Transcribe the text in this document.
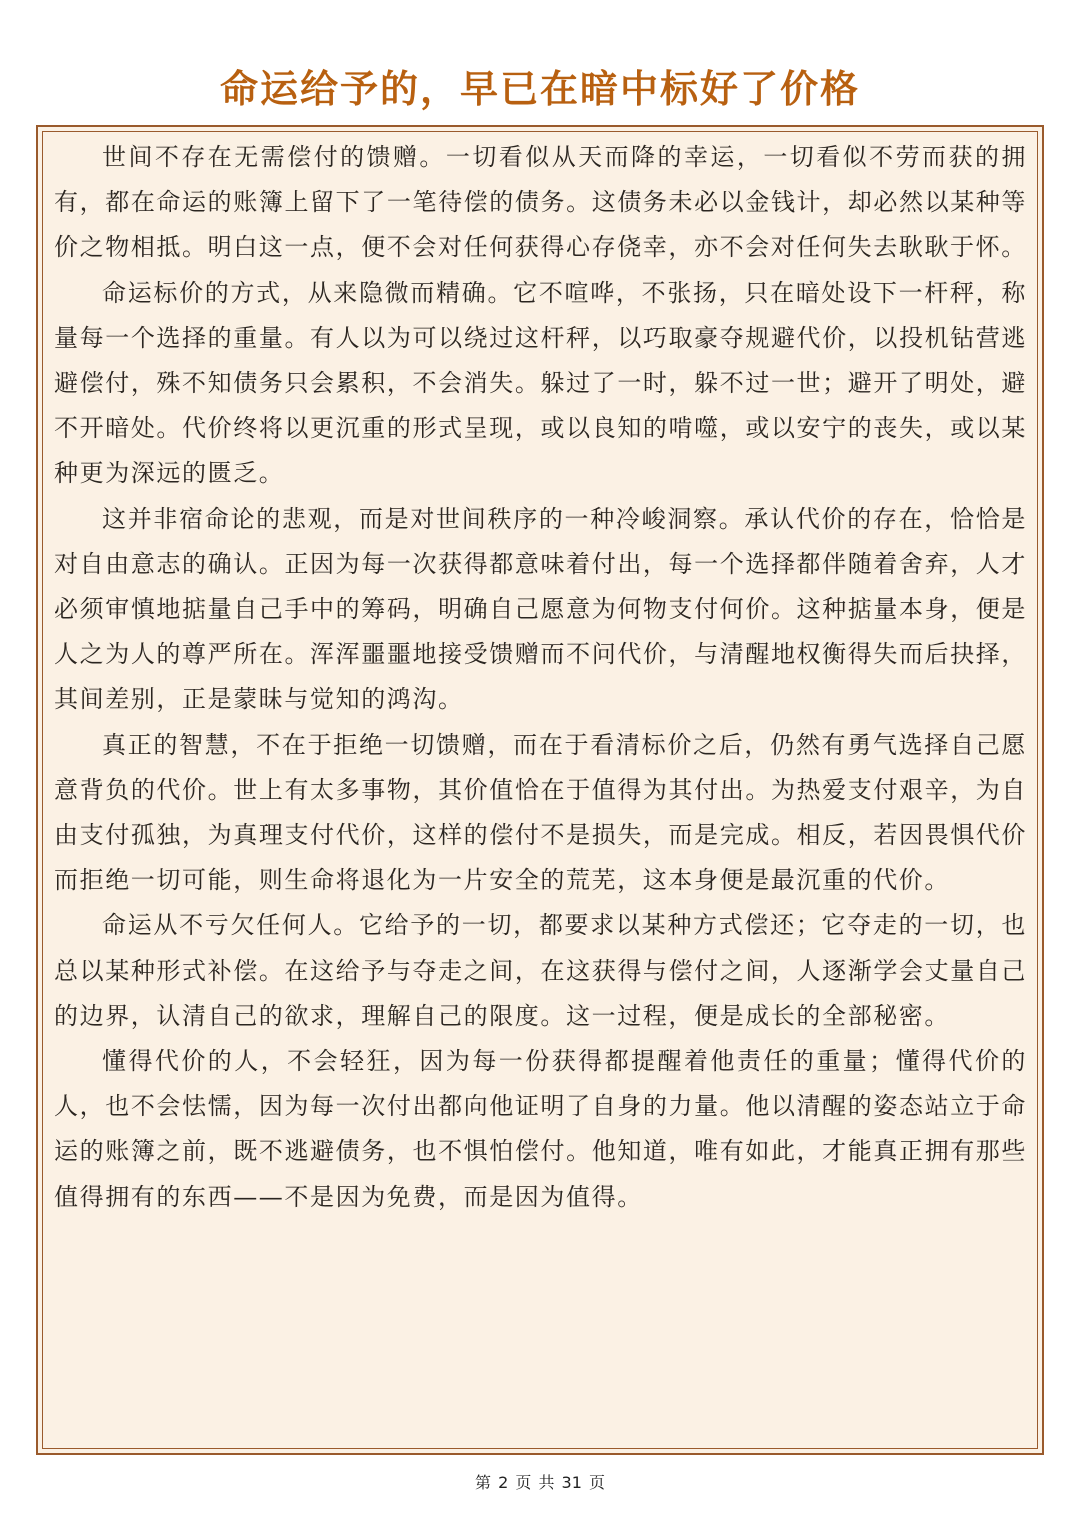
命运给予的，早已在暗中标好了价格

世间不存在无需偿付的馈赠。一切看似从天而降的幸运，一切看似不劳而获的拥有，都在命运的账簿上留下了一笔待偿的债务。这债务未必以金钱计，却必然以某种等价之物相抵。明白这一点，便不会对任何获得心存侥幸，亦不会对任何失去耿耿于怀。

命运标价的方式，从来隐微而精确。它不喧哗，不张扬，只在暗处设下一杆秤，称量每一个选择的重量。有人以为可以绕过这杆秤，以巧取豪夺规避代价，以投机钻营逃避偿付，殊不知债务只会累积，不会消失。躲过了一时，躲不过一世；避开了明处，避不开暗处。代价终将以更沉重的形式呈现，或以良知的啃噬，或以安宁的丧失，或以某种更为深远的匮乏。

这并非宿命论的悲观，而是对世间秩序的一种冷峻洞察。承认代价的存在，恰恰是对自由意志的确认。正因为每一次获得都意味着付出，每一个选择都伴随着舍弃，人才必须审慎地掂量自己手中的筹码，明确自己愿意为何物支付何价。这种掂量本身，便是人之为人的尊严所在。浑浑噩噩地接受馈赠而不问代价，与清醒地权衡得失而后抉择，其间差别，正是蒙昧与觉知的鸿沟。

真正的智慧，不在于拒绝一切馈赠，而在于看清标价之后，仍然有勇气选择自己愿意背负的代价。世上有太多事物，其价值恰在于值得为其付出。为热爱支付艰辛，为自由支付孤独，为真理支付代价，这样的偿付不是损失，而是完成。相反，若因畏惧代价而拒绝一切可能，则生命将退化为一片安全的荒芜，这本身便是最沉重的代价。

命运从不亏欠任何人。它给予的一切，都要求以某种方式偿还；它夺走的一切，也总以某种形式补偿。在这给予与夺走之间，在这获得与偿付之间，人逐渐学会丈量自己的边界，认清自己的欲求，理解自己的限度。这一过程，便是成长的全部秘密。

懂得代价的人，不会轻狂，因为每一份获得都提醒着他责任的重量；懂得代价的人，也不会怯懦，因为每一次付出都向他证明了自身的力量。他以清醒的姿态站立于命运的账簿之前，既不逃避债务，也不惧怕偿付。他知道，唯有如此，才能真正拥有那些值得拥有的东西——不是因为免费，而是因为值得。

第 2 页 共 31 页
